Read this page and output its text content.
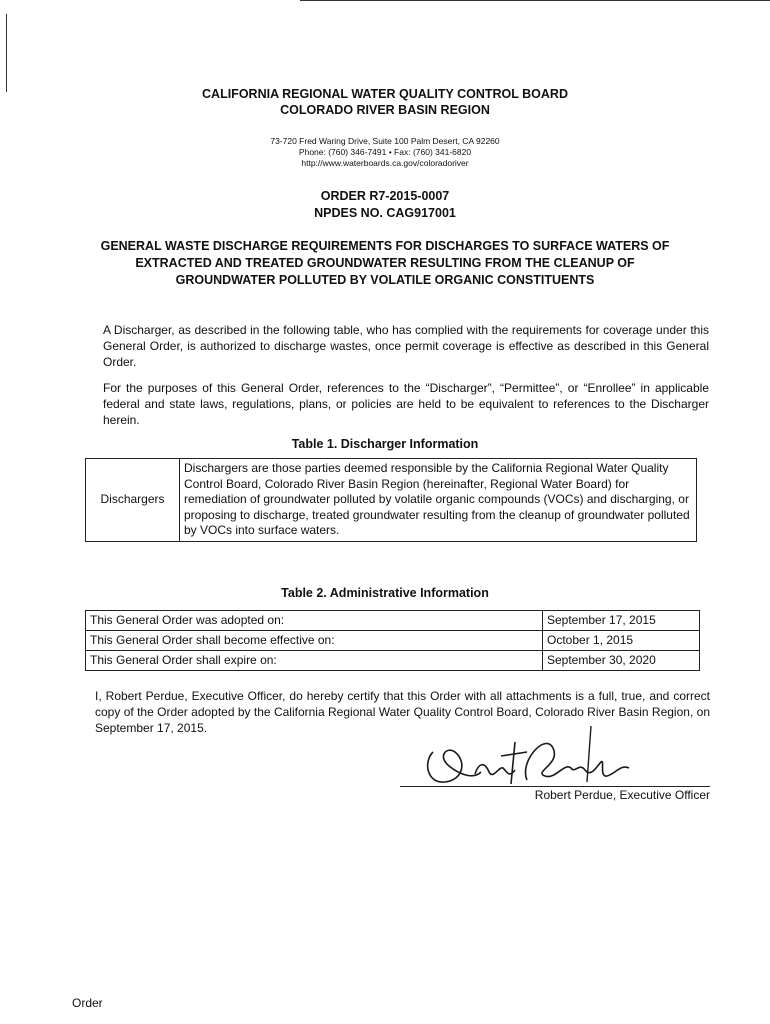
CALIFORNIA REGIONAL WATER QUALITY CONTROL BOARD
COLORADO RIVER BASIN REGION
73-720 Fred Waring Drive, Suite 100 Palm Desert, CA 92260
Phone: (760) 346-7491 • Fax: (760) 341-6820
http://www.waterboards.ca.gov/coloradoriver
ORDER R7-2015-0007
NPDES NO. CAG917001
GENERAL WASTE DISCHARGE REQUIREMENTS FOR DISCHARGES TO SURFACE WATERS OF
EXTRACTED AND TREATED GROUNDWATER RESULTING FROM THE CLEANUP OF
GROUNDWATER POLLUTED BY VOLATILE ORGANIC CONSTITUENTS

A Discharger, as described in the following table, who has complied with the requirements for coverage under this General Order, is authorized to discharge wastes, once permit coverage is effective as described in this General Order.

For the purposes of this General Order, references to the “Discharger”, “Permittee”, or “Enrollee” in applicable federal and state laws, regulations, plans, or policies are held to be equivalent to references to the Discharger herein.

Table 1. Discharger Information
Dischargers	Dischargers are those parties deemed responsible by the California Regional Water Quality Control Board, Colorado River Basin Region (hereinafter, Regional Water Board) for remediation of groundwater polluted by volatile organic compounds (VOCs) and discharging, or proposing to discharge, treated groundwater resulting from the cleanup of groundwater polluted by VOCs into surface waters.
Table 2. Administrative Information
This General Order was adopted on:	September 17, 2015
This General Order shall become effective on:	October 1, 2015
This General Order shall expire on:	September 30, 2020

I, Robert Perdue, Executive Officer, do hereby certify that this Order with all attachments is a full, true, and correct copy of the Order adopted by the California Regional Water Quality Control Board, Colorado River Basin Region, on September 17, 2015.

Robert Perdue, Executive Officer
Order
